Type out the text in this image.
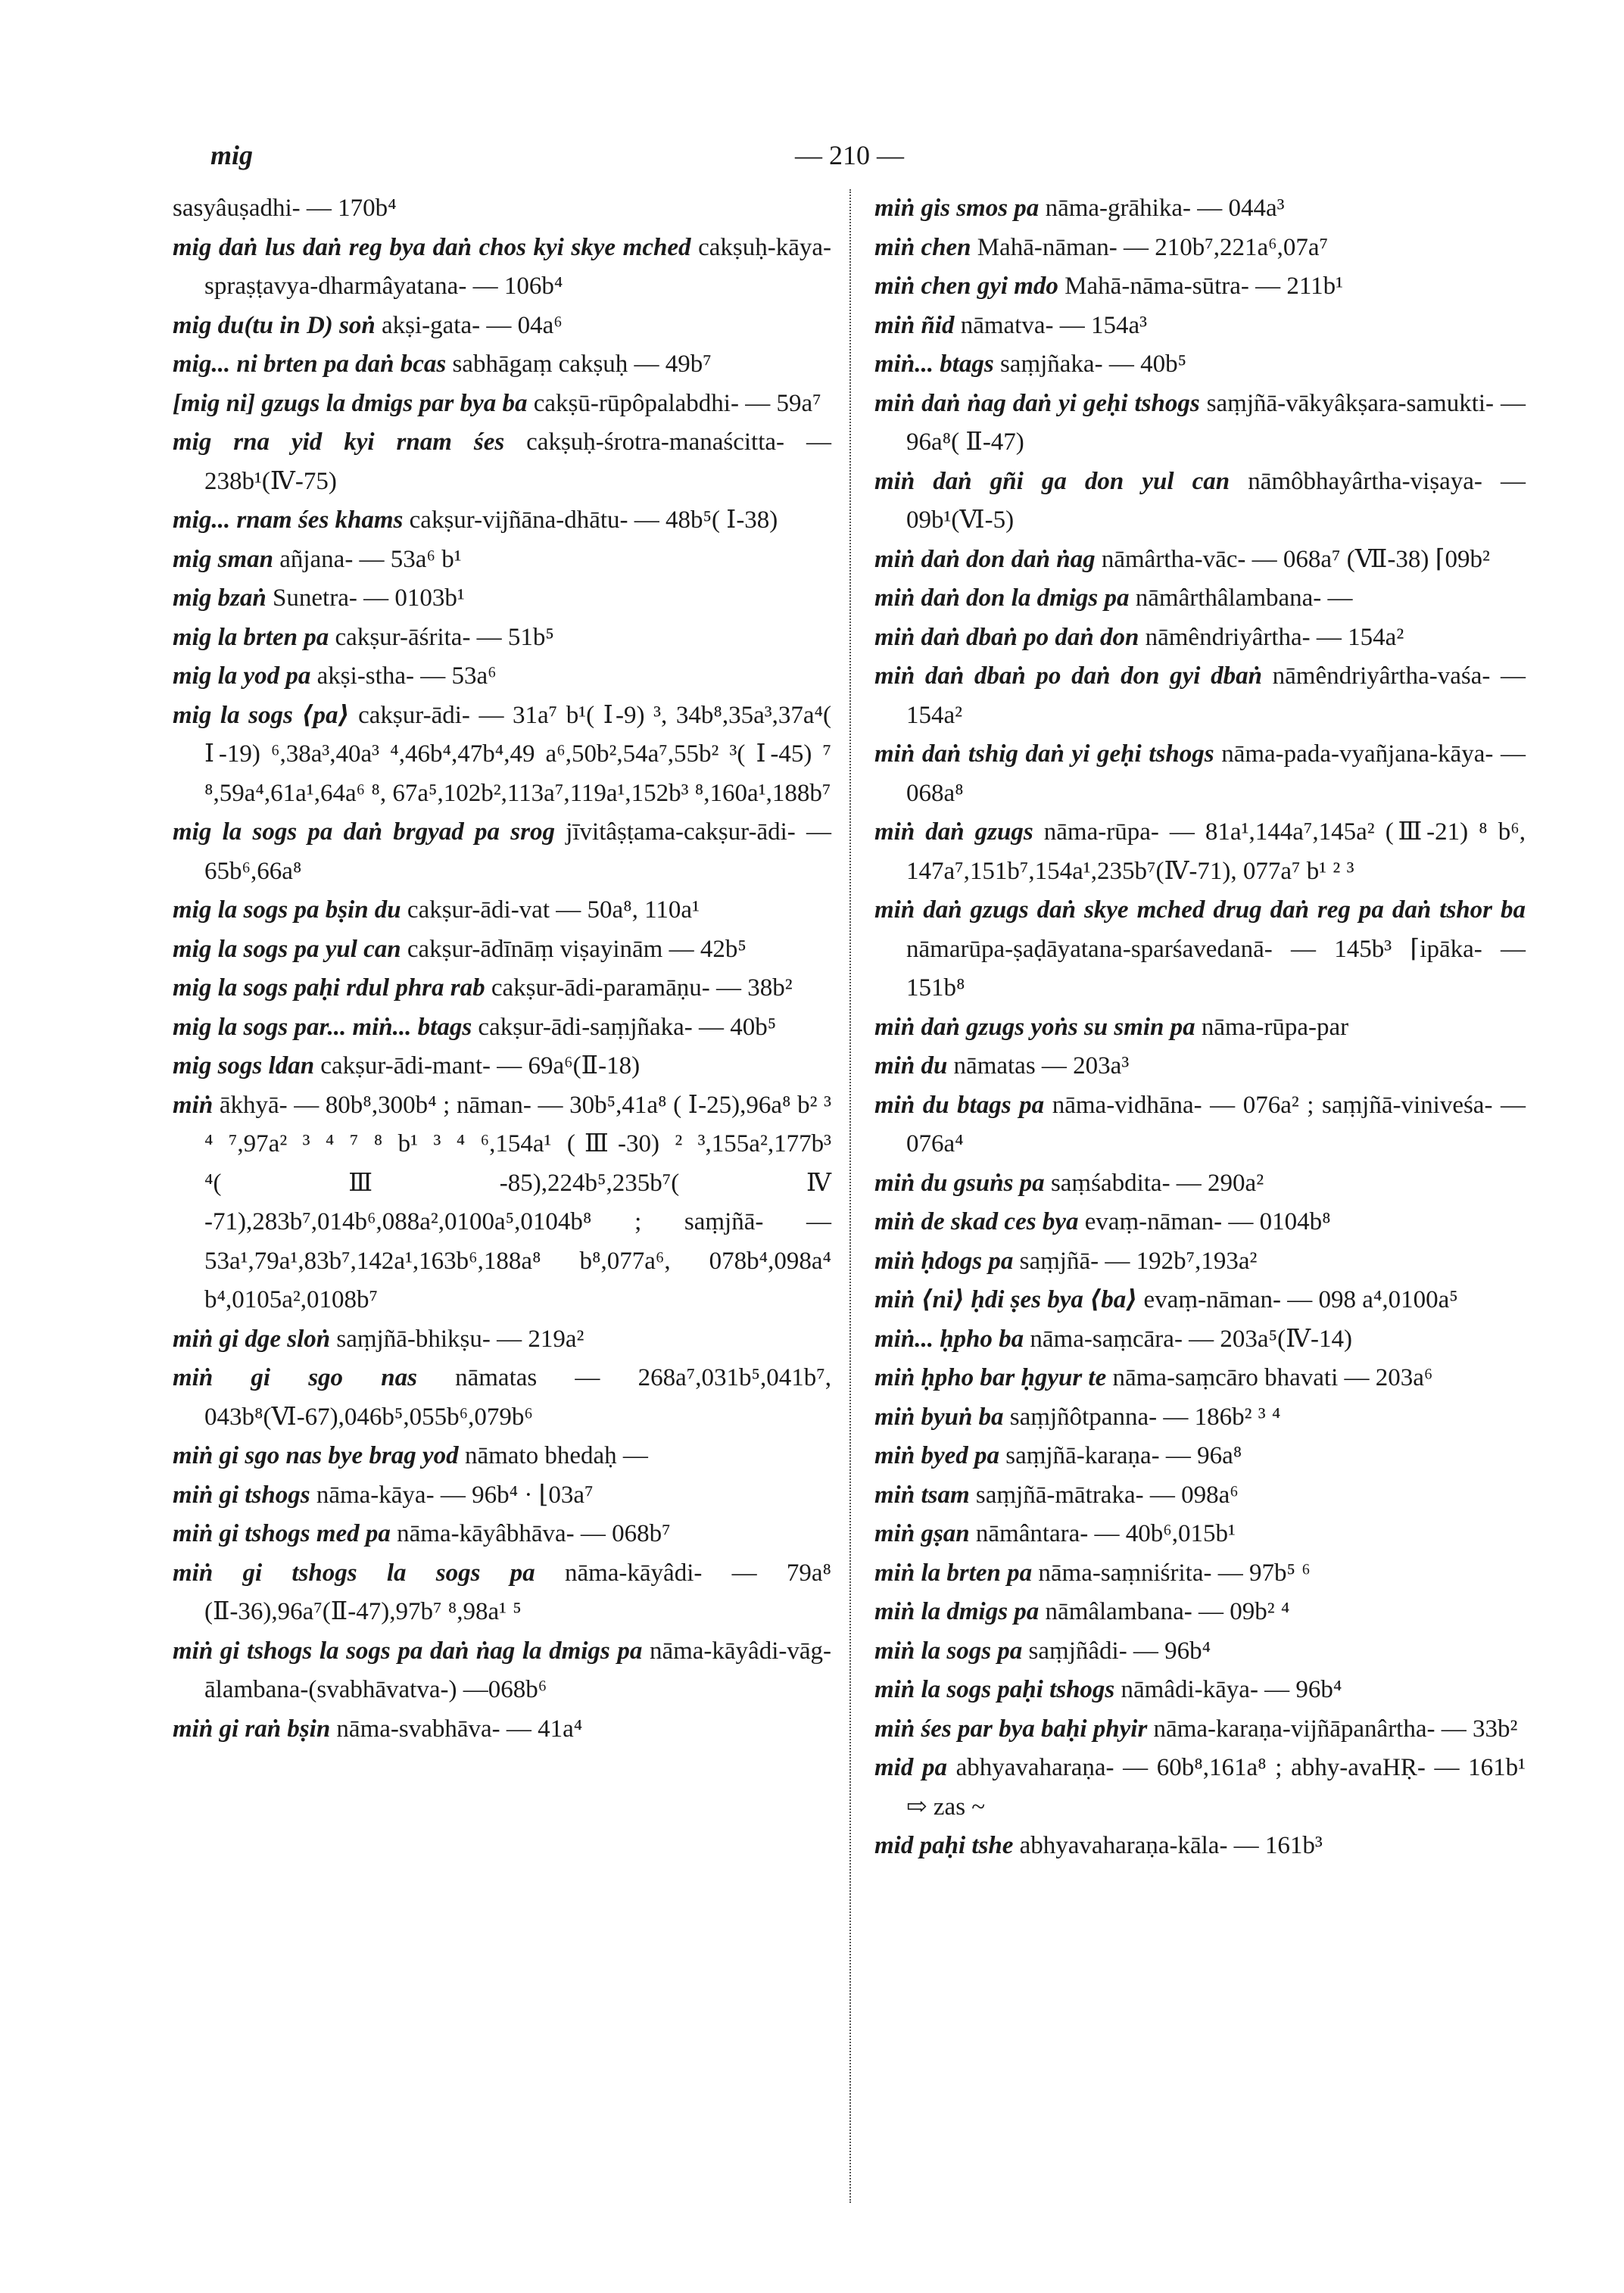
mig	— 210 —

sasyâuṣadhi- — 170b⁴

mig daṅ lus daṅ reg bya daṅ chos kyi skye mched cakṣuḥ-kāya-spraṣṭavya-dharmâyatana- — 106b⁴

mig du(tu in D) soṅ akṣi-gata- — 04a⁶

mig... ni brten pa daṅ bcas sabhāgaṃ cakṣuḥ — 49b⁷

[mig ni] gzugs la dmigs par bya ba cakṣū-rūpôpalabdhi- — 59a⁷

mig rna yid kyi rnam śes cakṣuḥ-śrotra-manaścitta- — 238b¹(Ⅳ-75)

mig... rnam śes khams cakṣur-vijñāna-dhātu- — 48b⁵( Ⅰ-38)

mig sman añjana- — 53a⁶ b¹

mig bzaṅ Sunetra- — 0103b¹

mig la brten pa cakṣur-āśrita- — 51b⁵

mig la yod pa akṣi-stha- — 53a⁶

mig la sogs ⟨pa⟩ cakṣur-ādi- — 31a⁷ b¹( Ⅰ-9) ³, 34b⁸,35a³,37a⁴( Ⅰ-19) ⁶,38a³,40a³ ⁴,46b⁴,47b⁴,49 a⁶,50b²,54a⁷,55b² ³( Ⅰ-45) ⁷ ⁸,59a⁴,61a¹,64a⁶ ⁸, 67a⁵,102b²,113a⁷,119a¹,152b³ ⁸,160a¹,188b⁷

mig la sogs pa daṅ brgyad pa srog jīvitâṣṭama-cakṣur-ādi- — 65b⁶,66a⁸

mig la sogs pa bṣin du cakṣur-ādi-vat — 50a⁸, 110a¹

mig la sogs pa yul can cakṣur-ādīnāṃ viṣayinām — 42b⁵

mig la sogs paḥi rdul phra rab cakṣur-ādi-paramāṇu- — 38b²

mig la sogs par... miṅ... btags cakṣur-ādi-saṃjñaka- — 40b⁵

mig sogs ldan cakṣur-ādi-mant- — 69a⁶(Ⅱ-18)

miṅ ākhyā- — 80b⁸,300b⁴ ; nāman- — 30b⁵,41a⁸ ( Ⅰ-25),96a⁸ b² ³ ⁴ ⁷,97a² ³ ⁴ ⁷ ⁸ b¹ ³ ⁴ ⁶,154a¹ (Ⅲ-30) ² ³,155a²,177b³ ⁴(Ⅲ-85),224b⁵,235b⁷(Ⅳ -71),283b⁷,014b⁶,088a²,0100a⁵,0104b⁸ ; saṃjñā- — 53a¹,79a¹,83b⁷,142a¹,163b⁶,188a⁸ b⁸,077a⁶, 078b⁴,098a⁴ b⁴,0105a²,0108b⁷

miṅ gi dge sloṅ saṃjñā-bhikṣu- — 219a²

miṅ gi sgo nas nāmatas — 268a⁷,031b⁵,041b⁷, 043b⁸(Ⅵ-67),046b⁵,055b⁶,079b⁶

miṅ gi sgo nas bye brag yod nāmato bhedaḥ —

miṅ gi tshogs nāma-kāya- — 96b⁴ · ⌊03a⁷

miṅ gi tshogs med pa nāma-kāyâbhāva- — 068b⁷

miṅ gi tshogs la sogs pa nāma-kāyâdi- — 79a⁸ (Ⅱ-36),96a⁷(Ⅱ-47),97b⁷ ⁸,98a¹ ⁵

miṅ gi tshogs la sogs pa daṅ ṅag la dmigs pa nāma-kāyâdi-vāg-ālambana-(svabhāvatva-) —068b⁶

miṅ gi raṅ bṣin nāma-svabhāva- — 41a⁴

miṅ gis smos pa nāma-grāhika- — 044a³

miṅ chen Mahā-nāman- — 210b⁷,221a⁶,07a⁷

miṅ chen gyi mdo Mahā-nāma-sūtra- — 211b¹

miṅ ñid nāmatva- — 154a³

miṅ... btags saṃjñaka- — 40b⁵

miṅ daṅ ṅag daṅ yi geḥi tshogs saṃjñā-vākyâkṣara-samukti- — 96a⁸( Ⅱ-47)

miṅ daṅ gñi ga don yul can nāmôbhayârtha-viṣaya- — 09b¹(Ⅵ-5)

miṅ daṅ don daṅ ṅag nāmârtha-vāc- — 068a⁷ (Ⅶ-38) ⌈09b²

miṅ daṅ don la dmigs pa nāmârthâlambana- —

miṅ daṅ dbaṅ po daṅ don nāmêndriyârtha- — 154a²

miṅ daṅ dbaṅ po daṅ don gyi dbaṅ nāmêndriyârtha-vaśa- — 154a²

miṅ daṅ tshig daṅ yi geḥi tshogs nāma-pada-vyañjana-kāya- — 068a⁸

miṅ daṅ gzugs nāma-rūpa- — 81a¹,144a⁷,145a² (Ⅲ-21) ⁸ b⁶, 147a⁷,151b⁷,154a¹,235b⁷(Ⅳ-71), 077a⁷ b¹ ² ³

miṅ daṅ gzugs daṅ skye mched drug daṅ reg pa daṅ tshor ba nāmarūpa-ṣaḍāyatana-sparśavedanā- — 145b³ ⌈ipāka- — 151b⁸

miṅ daṅ gzugs yoṅs su smin pa nāma-rūpa-par

miṅ du nāmatas — 203a³

miṅ du btags pa nāma-vidhāna- — 076a² ; saṃjñā-viniveśa- — 076a⁴

miṅ du gsuṅs pa saṃśabdita- — 290a²

miṅ de skad ces bya evaṃ-nāman- — 0104b⁸

miṅ ḥdogs pa saṃjñā- — 192b⁷,193a²

miṅ ⟨ni⟩ ḥdi ṣes bya ⟨ba⟩ evaṃ-nāman- — 098 a⁴,0100a⁵

miṅ... ḥpho ba nāma-saṃcāra- — 203a⁵(Ⅳ-14)

miṅ ḥpho bar ḥgyur te nāma-saṃcāro bhavati — 203a⁶

miṅ byuṅ ba saṃjñôtpanna- — 186b² ³ ⁴

miṅ byed pa saṃjñā-karaṇa- — 96a⁸

miṅ tsam saṃjñā-mātraka- — 098a⁶

miṅ gṣan nāmântara- — 40b⁶,015b¹

miṅ la brten pa nāma-saṃniśrita- — 97b⁵ ⁶

miṅ la dmigs pa nāmâlambana- — 09b² ⁴

miṅ la sogs pa saṃjñâdi- — 96b⁴

miṅ la sogs paḥi tshogs nāmâdi-kāya- — 96b⁴

miṅ śes par bya baḥi phyir nāma-karaṇa-vijñāpanârtha- — 33b²

mid pa abhyavaharaṇa- — 60b⁸,161a⁸ ; abhy-avaHṚ- — 161b¹ ⇨ zas ~

mid paḥi tshe abhyavaharaṇa-kāla- — 161b³
